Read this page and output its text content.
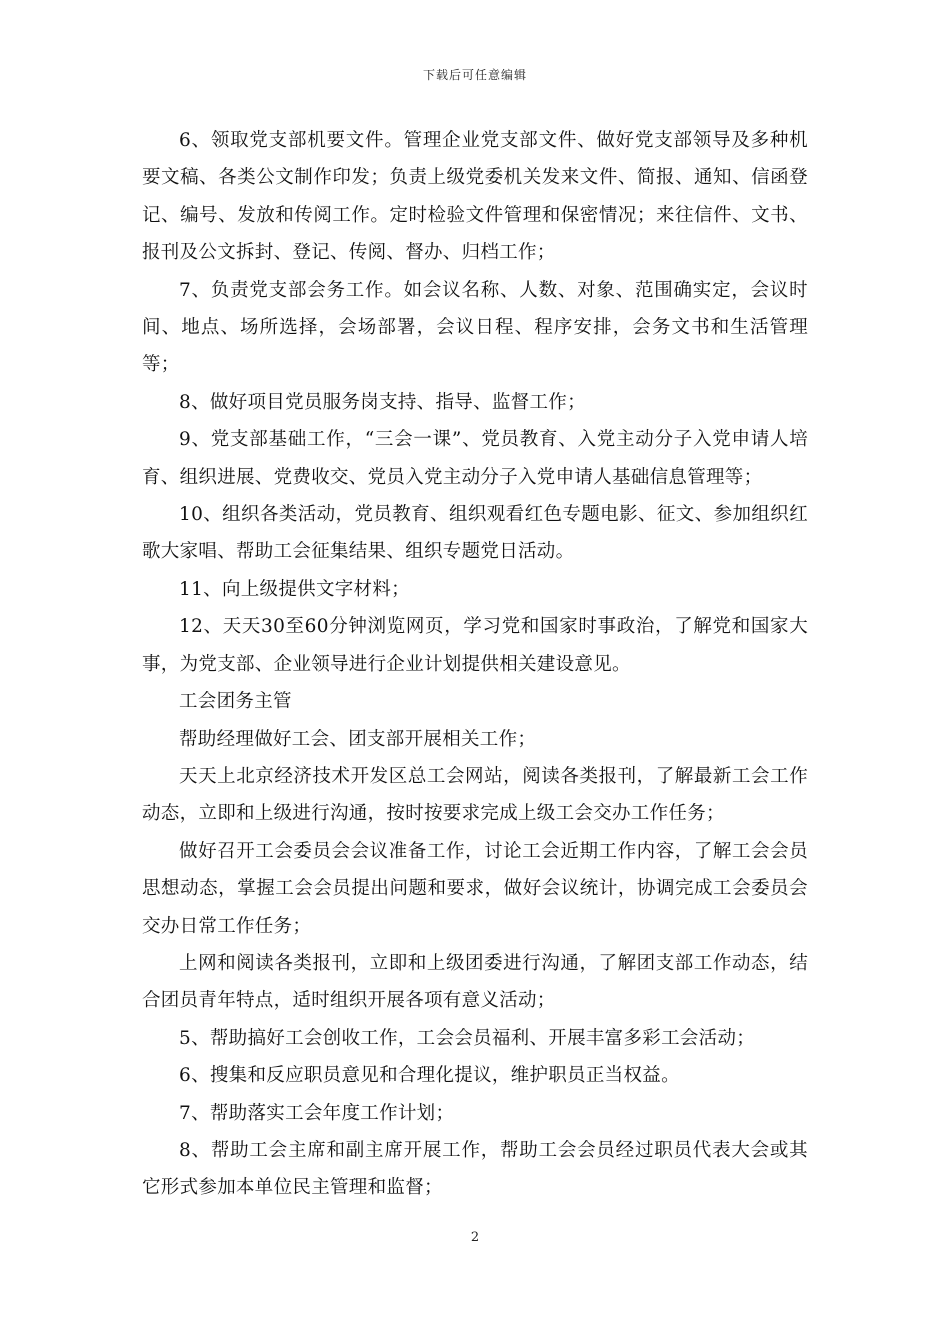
下载后可任意编辑

6、领取党支部机要文件。管理企业党支部文件、做好党支部领导及多种机要文稿、各类公文制作印发；负责上级党委机关发来文件、简报、通知、信函登记、编号、发放和传阅工作。定时检验文件管理和保密情况；来往信件、文书、报刊及公文拆封、登记、传阅、督办、归档工作；

7、负责党支部会务工作。如会议名称、人数、对象、范围确实定，会议时间、地点、场所选择，会场部署，会议日程、程序安排，会务文书和生活管理等；

8、做好项目党员服务岗支持、指导、监督工作；

9、党支部基础工作，“三会一课”、党员教育、入党主动分子入党申请人培育、组织进展、党费收交、党员入党主动分子入党申请人基础信息管理等；

10、组织各类活动，党员教育、组织观看红色专题电影、征文、参加组织红歌大家唱、帮助工会征集结果、组织专题党日活动。

11、向上级提供文字材料；

12、天天30至60分钟浏览网页，学习党和国家时事政治，了解党和国家大事，为党支部、企业领导进行企业计划提供相关建设意见。

工会团务主管

帮助经理做好工会、团支部开展相关工作；

天天上北京经济技术开发区总工会网站，阅读各类报刊，了解最新工会工作动态，立即和上级进行沟通，按时按要求完成上级工会交办工作任务；

做好召开工会委员会会议准备工作，讨论工会近期工作内容，了解工会会员思想动态，掌握工会会员提出问题和要求，做好会议统计，协调完成工会委员会交办日常工作任务；

上网和阅读各类报刊，立即和上级团委进行沟通，了解团支部工作动态，结合团员青年特点，适时组织开展各项有意义活动；

5、帮助搞好工会创收工作，工会会员福利、开展丰富多彩工会活动；

6、搜集和反应职员意见和合理化提议，维护职员正当权益。

7、帮助落实工会年度工作计划；

8、帮助工会主席和副主席开展工作，帮助工会会员经过职员代表大会或其它形式参加本单位民主管理和监督；

2
